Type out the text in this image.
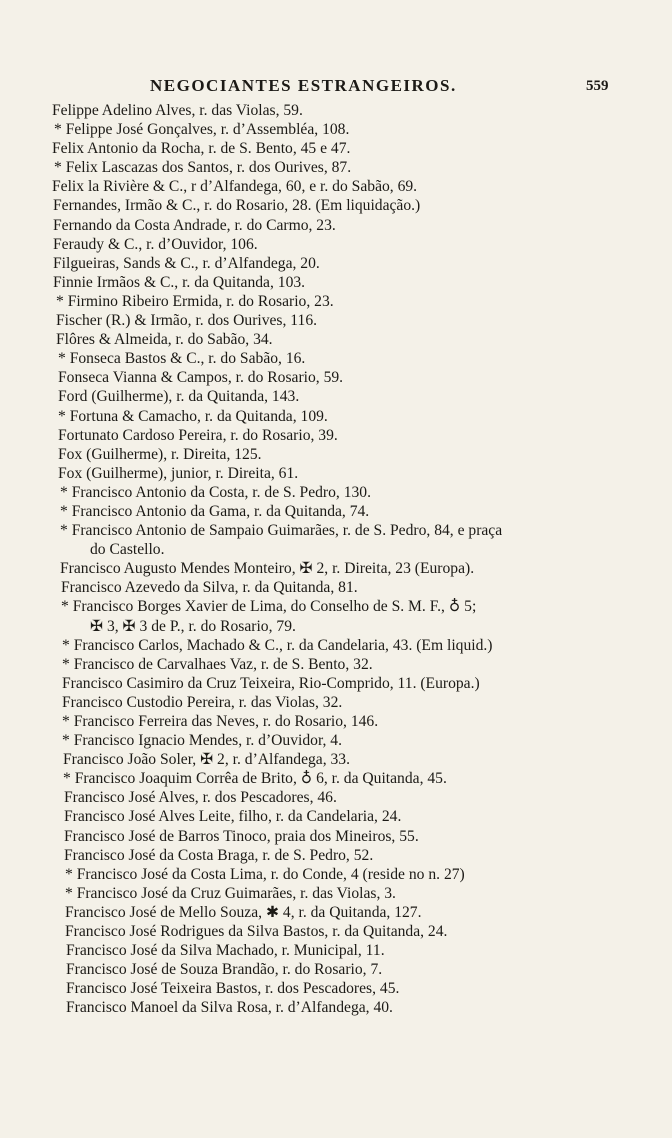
NEGOCIANTES ESTRANGEIROS.	559
Felippe Adelino Alves, r. das Violas, 59.
* Felippe José Gonçalves, r. d’Assembléa, 108.
Felix Antonio da Rocha, r. de S. Bento, 45 e 47.
* Felix Lascazas dos Santos, r. dos Ourives, 87.
Felix la Rivière & C., r d’Alfandega, 60, e r. do Sabão, 69.
Fernandes, Irmão & C., r. do Rosario, 28. (Em liquidação.)
Fernando da Costa Andrade, r. do Carmo, 23.
Feraudy & C., r. d’Ouvidor, 106.
Filgueiras, Sands & C., r. d’Alfandega, 20.
Finnie Irmãos & C., r. da Quitanda, 103.
* Firmino Ribeiro Ermida, r. do Rosario, 23.
Fischer (R.) & Irmão, r. dos Ourives, 116.
Flôres & Almeida, r. do Sabão, 34.
* Fonseca Bastos & C., r. do Sabão, 16.
Fonseca Vianna & Campos, r. do Rosario, 59.
Ford (Guilherme), r. da Quitanda, 143.
* Fortuna & Camacho, r. da Quitanda, 109.
Fortunato Cardoso Pereira, r. do Rosario, 39.
Fox (Guilherme), r. Direita, 125.
Fox (Guilherme), junior, r. Direita, 61.
* Francisco Antonio da Costa, r. de S. Pedro, 130.
* Francisco Antonio da Gama, r. da Quitanda, 74.
* Francisco Antonio de Sampaio Guimarães, r. de S. Pedro, 84, e praça
do Castello.
Francisco Augusto Mendes Monteiro, ✠ 2, r. Direita, 23 (Europa).
Francisco Azevedo da Silva, r. da Quitanda, 81.
* Francisco Borges Xavier de Lima, do Conselho de S. M. F., ♁ 5;
✠ 3, ✠ 3 de P., r. do Rosario, 79.
* Francisco Carlos, Machado & C., r. da Candelaria, 43. (Em liquid.)
* Francisco de Carvalhaes Vaz, r. de S. Bento, 32.
Francisco Casimiro da Cruz Teixeira, Rio-Comprido, 11. (Europa.)
Francisco Custodio Pereira, r. das Violas, 32.
* Francisco Ferreira das Neves, r. do Rosario, 146.
* Francisco Ignacio Mendes, r. d’Ouvidor, 4.
Francisco João Soler, ✠ 2, r. d’Alfandega, 33.
* Francisco Joaquim Corrêa de Brito, ♁ 6, r. da Quitanda, 45.
Francisco José Alves, r. dos Pescadores, 46.
Francisco José Alves Leite, filho, r. da Candelaria, 24.
Francisco José de Barros Tinoco, praia dos Mineiros, 55.
Francisco José da Costa Braga, r. de S. Pedro, 52.
* Francisco José da Costa Lima, r. do Conde, 4 (reside no n. 27)
* Francisco José da Cruz Guimarães, r. das Violas, 3.
Francisco José de Mello Souza, ✱ 4, r. da Quitanda, 127.
Francisco José Rodrigues da Silva Bastos, r. da Quitanda, 24.
Francisco José da Silva Machado, r. Municipal, 11.
Francisco José de Souza Brandão, r. do Rosario, 7.
Francisco José Teixeira Bastos, r. dos Pescadores, 45.
Francisco Manoel da Silva Rosa, r. d’Alfandega, 40.
